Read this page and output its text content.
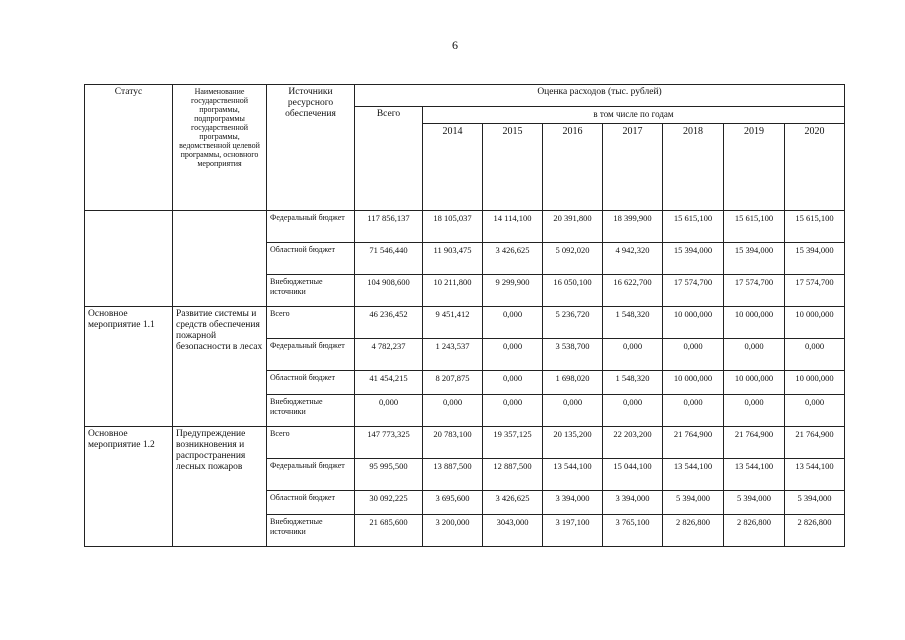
6
Статус	Наименование государственной программы, подпрограммы государственной программы, ведомственной целевой программы, основного мероприятия	Источники ресурсного обеспечения	Оценка расходов (тыс. рублей)							
			Всего	в том числе по годам						
				2014	2015	2016	2017	2018	2019	2020
		Федеральный бюджет	117 856,137	18 105,037	14 114,100	20 391,800	18 399,900	15 615,100	15 615,100	15 615,100
		Областной бюджет	71 546,440	11 903,475	3 426,625	5 092,020	4 942,320	15 394,000	15 394,000	15 394,000
		Внебюджетные источники	104 908,600	10 211,800	9 299,900	16 050,100	16 622,700	17 574,700	17 574,700	17 574,700
Основное мероприятие 1.1	Развитие системы и средств обеспечения пожарной безопасности в лесах	Всего	46 236,452	9 451,412	0,000	5 236,720	1 548,320	10 000,000	10 000,000	10 000,000
		Федеральный бюджет	4 782,237	1 243,537	0,000	3 538,700	0,000	0,000	0,000	0,000
		Областной бюджет	41 454,215	8 207,875	0,000	1 698,020	1 548,320	10 000,000	10 000,000	10 000,000
		Внебюджетные источники	0,000	0,000	0,000	0,000	0,000	0,000	0,000	0,000
Основное мероприятие 1.2	Предупреждение возникновения и распространения лесных пожаров	Всего	147 773,325	20 783,100	19 357,125	20 135,200	22 203,200	21 764,900	21 764,900	21 764,900
		Федеральный бюджет	95 995,500	13 887,500	12 887,500	13 544,100	15 044,100	13 544,100	13 544,100	13 544,100
		Областной бюджет	30 092,225	3 695,600	3 426,625	3 394,000	3 394,000	5 394,000	5 394,000	5 394,000
		Внебюджетные источники	21 685,600	3 200,000	3043,000	3 197,100	3 765,100	2 826,800	2 826,800	2 826,800
